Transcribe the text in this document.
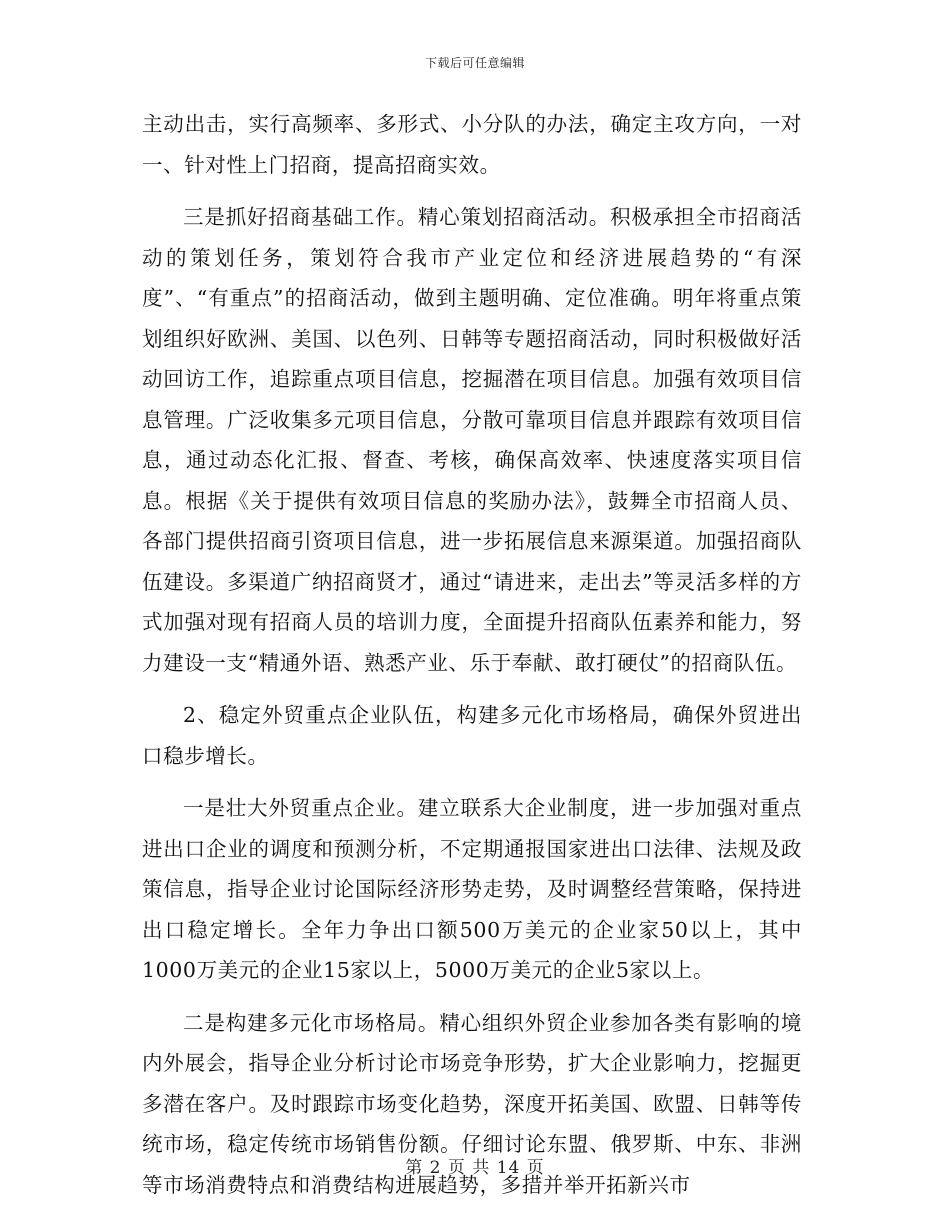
下载后可任意编辑

主动出击，实行高频率、多形式、小分队的办法，确定主攻方向，一对一、针对性上门招商，提高招商实效。

三是抓好招商基础工作。精心策划招商活动。积极承担全市招商活动的策划任务，策划符合我市产业定位和经济进展趋势的“有深度”、“有重点”的招商活动，做到主题明确、定位准确。明年将重点策划组织好欧洲、美国、以色列、日韩等专题招商活动，同时积极做好活动回访工作，追踪重点项目信息，挖掘潜在项目信息。加强有效项目信息管理。广泛收集多元项目信息，分散可靠项目信息并跟踪有效项目信息，通过动态化汇报、督查、考核，确保高效率、快速度落实项目信息。根据《关于提供有效项目信息的奖励办法》，鼓舞全市招商人员、各部门提供招商引资项目信息，进一步拓展信息来源渠道。加强招商队伍建设。多渠道广纳招商贤才，通过“请进来，走出去”等灵活多样的方式加强对现有招商人员的培训力度，全面提升招商队伍素养和能力，努力建设一支“精通外语、熟悉产业、乐于奉献、敢打硬仗”的招商队伍。

2、稳定外贸重点企业队伍，构建多元化市场格局，确保外贸进出口稳步增长。

一是壮大外贸重点企业。建立联系大企业制度，进一步加强对重点进出口企业的调度和预测分析，不定期通报国家进出口法律、法规及政策信息，指导企业讨论国际经济形势走势，及时调整经营策略，保持进出口稳定增长。全年力争出口额500万美元的企业家50以上，其中1000万美元的企业15家以上，5000万美元的企业5家以上。

二是构建多元化市场格局。精心组织外贸企业参加各类有影响的境内外展会，指导企业分析讨论市场竞争形势，扩大企业影响力，挖掘更多潜在客户。及时跟踪市场变化趋势，深度开拓美国、欧盟、日韩等传统市场，稳定传统市场销售份额。仔细讨论东盟、俄罗斯、中东、非洲等市场消费特点和消费结构进展趋势，多措并举开拓新兴市

第 2 页 共 14 页
